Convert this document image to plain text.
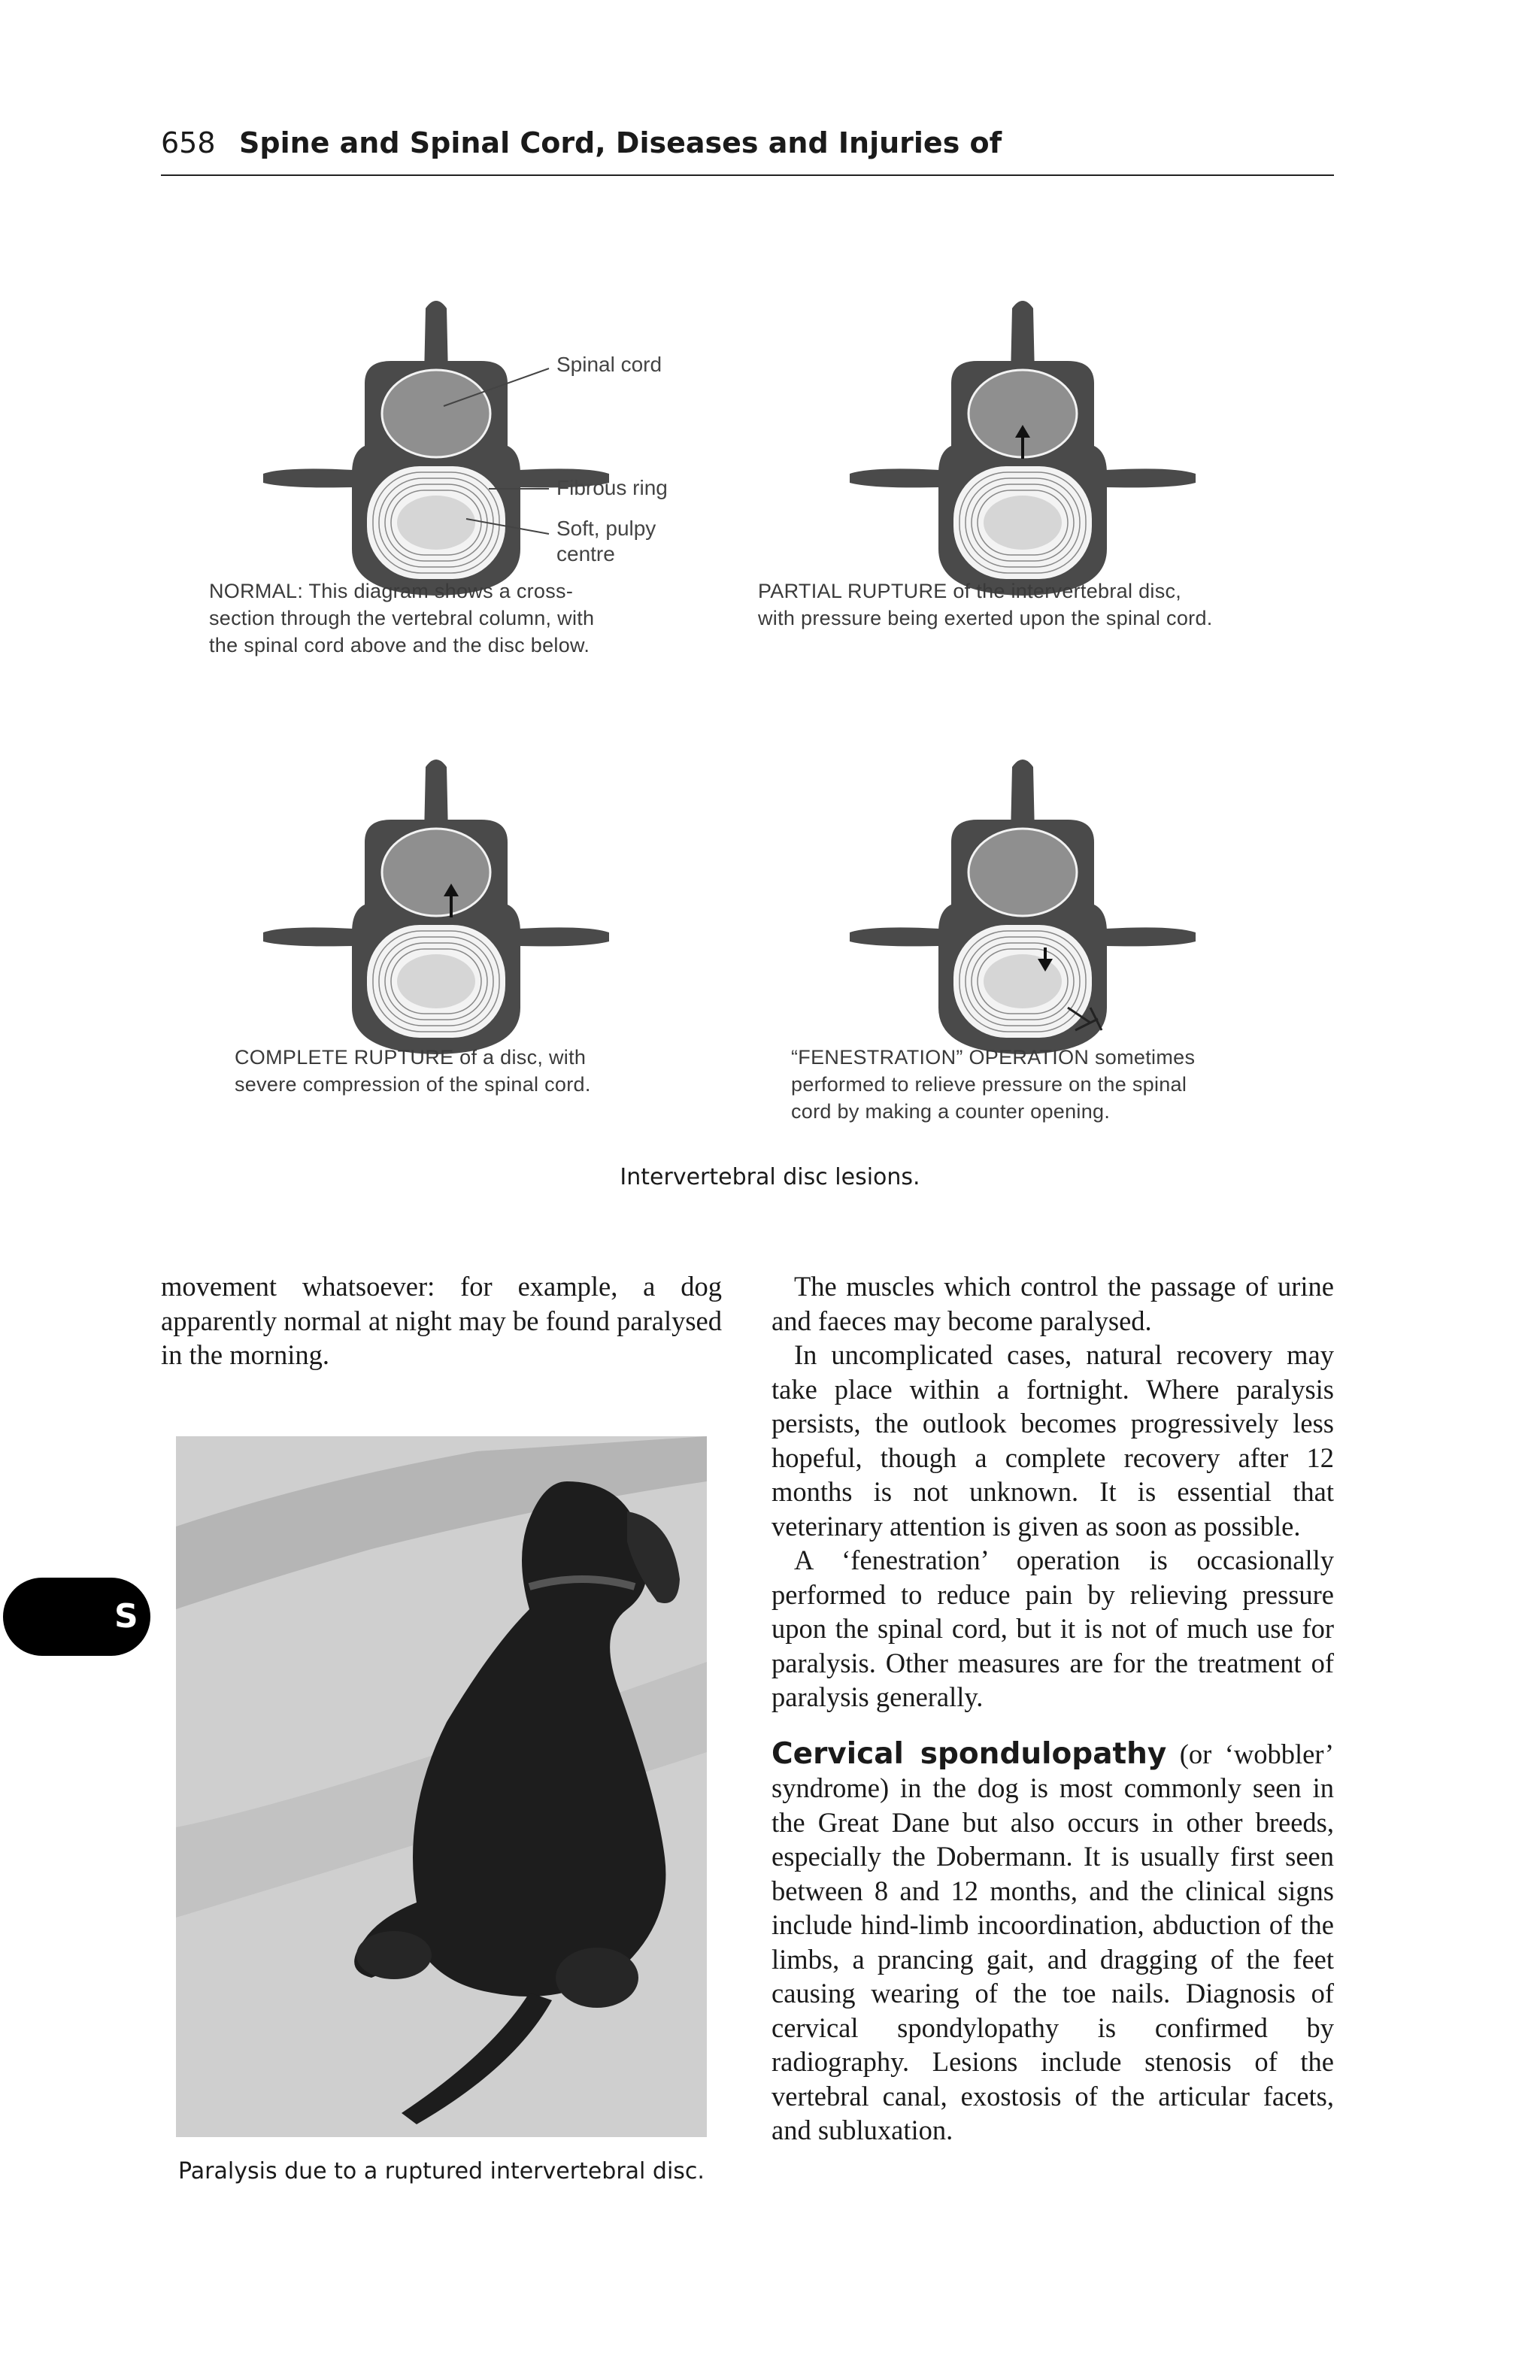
658 Spine and Spinal Cord, Diseases and Injuries of
Spinal cord
Fibrous ring
Soft, pulpy
centre
NORMAL: This diagram shows a cross-
section through the vertebral column, with
the spinal cord above and the disc below.
PARTIAL RUPTURE of the intervertebral disc,
with pressure being exerted upon the spinal cord.
COMPLETE RUPTURE of a disc, with
severe compression of the spinal cord.
“FENESTRATION” OPERATION sometimes
performed to relieve pressure on the spinal
cord by making a counter opening.
Intervertebral disc lesions.

movement whatsoever: for example, a dog apparently normal at night may be found paralysed in the morning.

Paralysis due to a ruptured intervertebral disc.
S

The muscles which control the passage of urine and faeces may become paralysed.

In uncomplicated cases, natural recovery may take place within a fortnight. Where paralysis persists, the outlook becomes progressively less hopeful, though a complete recovery after 12 months is not unknown. It is essential that veterinary attention is given as soon as possible.

A ‘fenestration’ operation is occasionally performed to reduce pain by relieving pressure upon the spinal cord, but it is not of much use for paralysis. Other measures are for the treatment of paralysis generally.

Cervical spondulopathy (or ‘wobbler’ syndrome) in the dog is most commonly seen in the Great Dane but also occurs in other breeds, especially the Dobermann. It is usually first seen between 8 and 12 months, and the clinical signs include hind-limb incoordination, abduction of the limbs, a prancing gait, and dragging of the feet causing wearing of the toe nails. Diagnosis of cervical spondylopathy is confirmed by radiography. Lesions include stenosis of the vertebral canal, exostosis of the articular facets, and subluxation.
